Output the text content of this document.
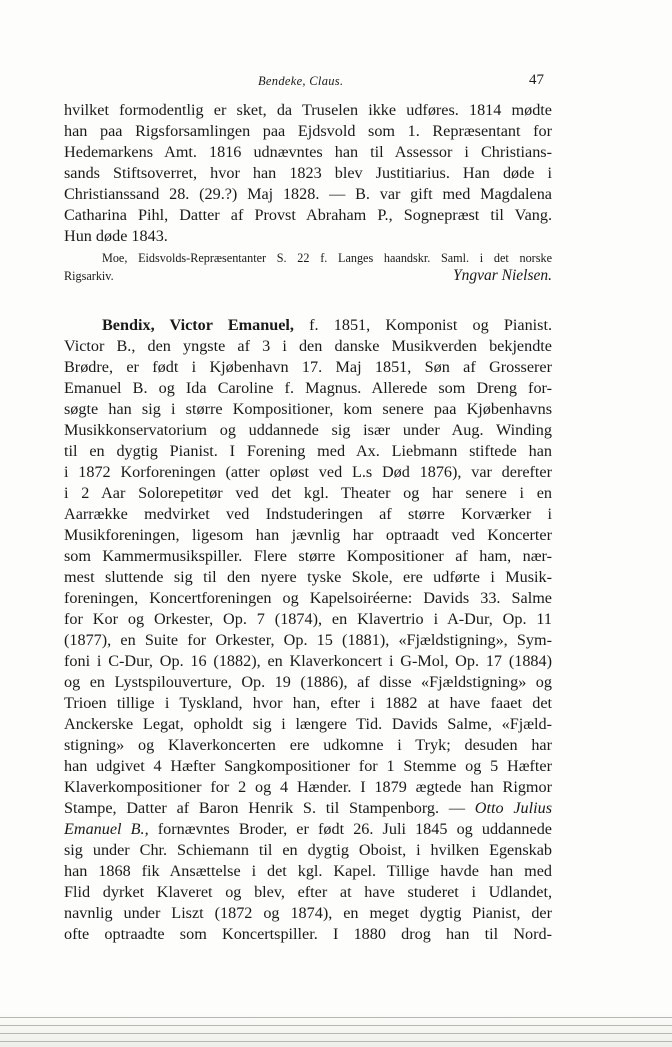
Bendeke, Claus.	47
hvilket formodentlig er sket, da Truselen ikke udføres. 1814 mødte
han paa Rigsforsamlingen paa Ejdsvold som 1. Repræsentant for
Hedemarkens Amt. 1816 udnævntes han til Assessor i Christians-
sands Stiftsoverret, hvor han 1823 blev Justitiarius. Han døde i
Christianssand 28. (29.?) Maj 1828. — B. var gift med Magdalena
Catharina Pihl, Datter af Provst Abraham P., Sognepræst til Vang.
Hun døde 1843.
Moe, Eidsvolds-Repræsentanter S. 22 f. Langes haandskr. Saml. i det norske
Rigsarkiv.	Yngvar Nielsen.
Bendix, Victor Emanuel, f. 1851, Komponist og Pianist.
Victor B., den yngste af 3 i den danske Musikverden bekjendte
Brødre, er født i Kjøbenhavn 17. Maj 1851, Søn af Grosserer
Emanuel B. og Ida Caroline f. Magnus. Allerede som Dreng for-
søgte han sig i større Kompositioner, kom senere paa Kjøbenhavns
Musikkonservatorium og uddannede sig især under Aug. Winding
til en dygtig Pianist. I Forening med Ax. Liebmann stiftede han
i 1872 Korforeningen (atter opløst ved L.s Død 1876), var derefter
i 2 Aar Solorepetitør ved det kgl. Theater og har senere i en
Aarrække medvirket ved Indstuderingen af større Korværker i
Musikforeningen, ligesom han jævnlig har optraadt ved Koncerter
som Kammermusikspiller. Flere større Kompositioner af ham, nær-
mest sluttende sig til den nyere tyske Skole, ere udførte i Musik-
foreningen, Koncertforeningen og Kapelsoiréerne: Davids 33. Salme
for Kor og Orkester, Op. 7 (1874), en Klavertrio i A-Dur, Op. 11
(1877), en Suite for Orkester, Op. 15 (1881), «Fjældstigning», Sym-
foni i C-Dur, Op. 16 (1882), en Klaverkoncert i G-Mol, Op. 17 (1884)
og en Lystspilouverture, Op. 19 (1886), af disse «Fjældstigning» og
Trioen tillige i Tyskland, hvor han, efter i 1882 at have faaet det
Anckerske Legat, opholdt sig i længere Tid. Davids Salme, «Fjæld-
stigning» og Klaverkoncerten ere udkomne i Tryk; desuden har
han udgivet 4 Hæfter Sangkompositioner for 1 Stemme og 5 Hæfter
Klaverkompositioner for 2 og 4 Hænder. I 1879 ægtede han Rigmor
Stampe, Datter af Baron Henrik S. til Stampenborg. — Otto Julius
Emanuel B., fornævntes Broder, er født 26. Juli 1845 og uddannede
sig under Chr. Schiemann til en dygtig Oboist, i hvilken Egenskab
han 1868 fik Ansættelse i det kgl. Kapel. Tillige havde han med
Flid dyrket Klaveret og blev, efter at have studeret i Udlandet,
navnlig under Liszt (1872 og 1874), en meget dygtig Pianist, der
ofte optraadte som Koncertspiller. I 1880 drog han til Nord-
